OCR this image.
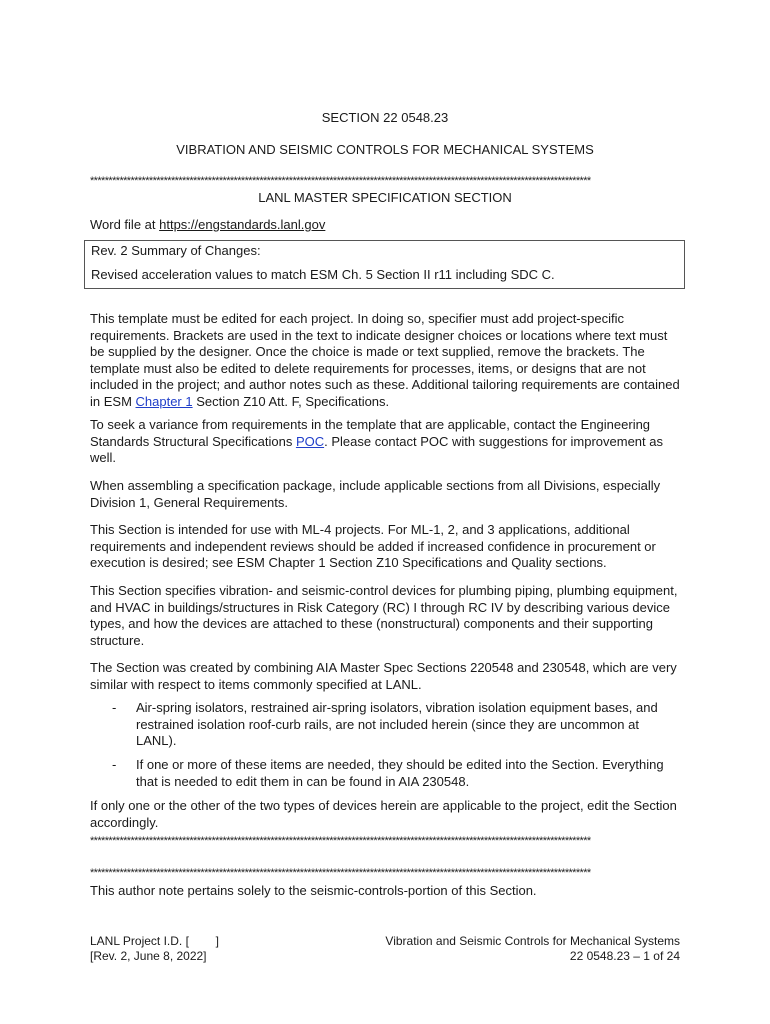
SECTION 22 0548.23
VIBRATION AND SEISMIC CONTROLS FOR MECHANICAL SYSTEMS
****************************************************************************************************************************************
LANL MASTER SPECIFICATION SECTION
Word file at https://engstandards.lanl.gov
Rev. 2 Summary of Changes:
Revised acceleration values to match ESM Ch. 5 Section II r11 including SDC C.
This template must be edited for each project. In doing so, specifier must add project-specific requirements. Brackets are used in the text to indicate designer choices or locations where text must be supplied by the designer. Once the choice is made or text supplied, remove the brackets. The template must also be edited to delete requirements for processes, items, or designs that are not included in the project; and author notes such as these. Additional tailoring requirements are contained in ESM Chapter 1 Section Z10 Att. F, Specifications.
To seek a variance from requirements in the template that are applicable, contact the Engineering Standards Structural Specifications POC. Please contact POC with suggestions for improvement as well.
When assembling a specification package, include applicable sections from all Divisions, especially Division 1, General Requirements.
This Section is intended for use with ML-4 projects. For ML-1, 2, and 3 applications, additional requirements and independent reviews should be added if increased confidence in procurement or execution is desired; see ESM Chapter 1 Section Z10 Specifications and Quality sections.
This Section specifies vibration- and seismic-control devices for plumbing piping, plumbing equipment, and HVAC in buildings/structures in Risk Category (RC) I through RC IV by describing various device types, and how the devices are attached to these (nonstructural) components and their supporting structure.
The Section was created by combining AIA Master Spec Sections 220548 and 230548, which are very similar with respect to items commonly specified at LANL.
- Air-spring isolators, restrained air-spring isolators, vibration isolation equipment bases, and restrained isolation roof-curb rails, are not included herein (since they are uncommon at LANL).
- If one or more of these items are needed, they should be edited into the Section. Everything that is needed to edit them in can be found in AIA 230548.
If only one or the other of the two types of devices herein are applicable to the project, edit the Section accordingly.
****************************************************************************************************************************************
****************************************************************************************************************************************
This author note pertains solely to the seismic-controls-portion of this Section.
LANL Project I.D. [        ]
[Rev. 2, June 8, 2022]
Vibration and Seismic Controls for Mechanical Systems
22 0548.23 – 1 of 24
